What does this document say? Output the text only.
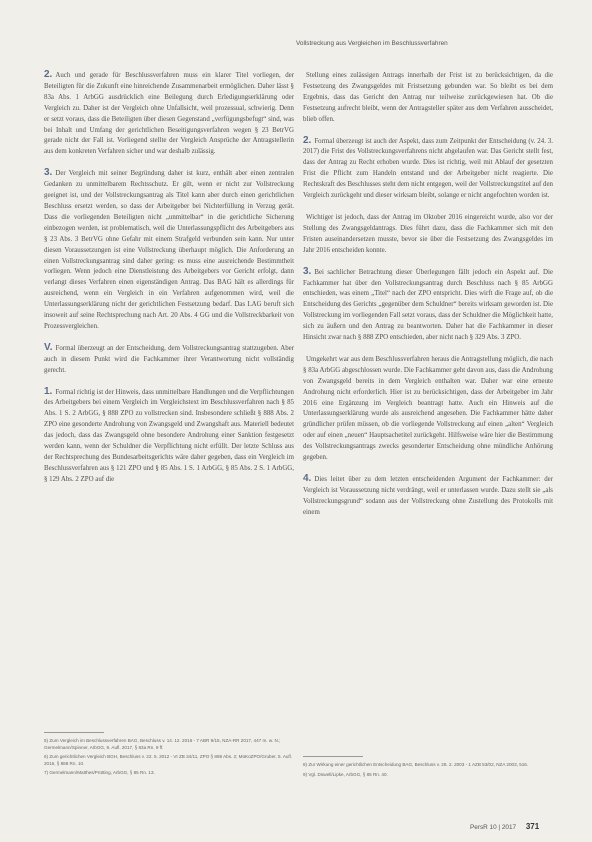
Vollstreckung aus Vergleichen im Beschlussverfahren

2. Auch und gerade für Beschlussverfahren muss ein klarer Titel vorliegen, der Beteiligten für die Zukunft eine hinreichende Zusammenarbeit ermöglichen. Daher lässt § 83a Abs. 1 ArbGG ausdrücklich eine Beilegung durch Erledigungserklärung oder Vergleich zu. Daher ist der Vergleich ohne Unfallsicht, weil prozessual, schwierig. Denn er setzt voraus, dass die Beteiligten über diesen Gegenstand „verfügungsbefugt“ sind, was bei Inhalt und Umfang der gerichtlichen Beseitigungsverfahren wegen § 23 BetrVG gerade nicht der Fall ist. Vorliegend stellte der Vergleich Ansprüche der Antragstellerin aus dem konkreten Verfahren sicher und war deshalb zulässig.

3. Der Vergleich mit seiner Begründung daher ist kurz, enthält aber einen zentralen Gedanken zu unmittelbarem Rechtsschutz. Er gilt, wenn er nicht zur Vollstreckung geeignet ist, und der Vollstreckungsantrag als Titel kann aber durch einen gerichtlichen Beschluss ersetzt werden, so dass der Arbeitgeber bei Nichterfüllung in Verzug gerät. Dass die vorliegenden Beteiligten nicht „unmittelbar“ in die gerichtliche Sicherung einbezogen werden, ist problematisch, weil die Unterlassungspflicht des Arbeitgebers aus § 23 Abs. 3 BetrVG ohne Gefahr mit einem Strafgeld verbunden sein kann. Nur unter diesen Voraussetzungen ist eine Vollstreckung überhaupt möglich. Die Anforderung an einen Vollstreckungsantrag sind daher gering: es muss eine ausreichende Bestimmtheit vorliegen. Wenn jedoch eine Dienstleistung des Arbeitgebers vor Gericht erfolgt, dann verlangt dieses Verfahren einen eigenständigen Antrag. Das BAG hält es allerdings für ausreichend, wenn ein Vergleich in ein Verfahren aufgenommen wird, weil die Unterlassungserklärung nicht der gerichtlichen Festsetzung bedarf. Das LAG beruft sich insoweit auf seine Rechtsprechung nach Art. 20 Abs. 4 GG und die Vollstreckbarkeit von Prozessvergleichen.

V. Formal überzeugt an der Entscheidung, dem Vollstreckungsantrag stattzugeben. Aber auch in diesem Punkt wird die Fachkammer ihrer Verantwortung nicht vollständig gerecht.

1. Formal richtig ist der Hinweis, dass unmittelbare Handlungen und die Verpflichtungen des Arbeitgebers bei einem Vergleich im Vergleichstext im Beschlussverfahren nach § 85 Abs. 1 S. 2 ArbGG, § 888 ZPO zu vollstrecken sind. Insbesondere schließt § 888 Abs. 2 ZPO eine gesonderte Androhung von Zwangsgeld und Zwangshaft aus. Materiell bedeutet das jedoch, dass das Zwangsgeld ohne besondere Androhung einer Sanktion festgesetzt werden kann, wenn der Schuldner die Verpflichtung nicht erfüllt. Der letzte Schluss aus der Rechtsprechung des Bundesarbeitsgerichts wäre daher gegeben, dass ein Vergleich im Beschlussverfahren aus § 121 ZPO und § 85 Abs. 1 S. 1 ArbGG, § 85 Abs. 2 S. 1 ArbGG, § 129 Abs. 2 ZPO auf die

Stellung eines zulässigen Antrags innerhalb der Frist ist zu berücksichtigen, da die Festsetzung des Zwangsgeldes mit Fristsetzung gebunden war. So bleibt es bei dem Ergebnis, dass das Gericht den Antrag nur teilweise zurückgewiesen hat. Ob die Festsetzung aufrecht bleibt, wenn der Antragsteller später aus dem Verfahren ausscheidet, blieb offen.

2. Formal überzeugt ist auch der Aspekt, dass zum Zeitpunkt der Entscheidung (v. 24. 3. 2017) die Frist des Vollstreckungsverfahrens nicht abgelaufen war. Das Gericht stellt fest, dass der Antrag zu Recht erhoben wurde. Dies ist richtig, weil mit Ablauf der gesetzten Frist die Pflicht zum Handeln entstand und der Arbeitgeber nicht reagierte. Die Rechtskraft des Beschlusses steht dem nicht entgegen, weil der Vollstreckungstitel auf den Vergleich zurückgeht und dieser wirksam bleibt, solange er nicht angefochten worden ist.

Wichtiger ist jedoch, dass der Antrag im Oktober 2016 eingereicht wurde, also vor der Stellung des Zwangsgeldantrags. Dies führt dazu, dass die Fachkammer sich mit den Fristen auseinandersetzen musste, bevor sie über die Festsetzung des Zwangsgeldes im Jahr 2016 entscheiden konnte.

3. Bei sachlicher Betrachtung dieser Überlegungen fällt jedoch ein Aspekt auf. Die Fachkammer hat über den Vollstreckungsantrag durch Beschluss nach § 85 ArbGG entschieden, was einem „Titel“ nach der ZPO entspricht. Dies wirft die Frage auf, ob die Entscheidung des Gerichts „gegenüber dem Schuldner“ bereits wirksam geworden ist. Die Vollstreckung im vorliegenden Fall setzt voraus, dass der Schuldner die Möglichkeit hatte, sich zu äußern und den Antrag zu beantworten. Daher hat die Fachkammer in dieser Hinsicht zwar nach § 888 ZPO entschieden, aber nicht nach § 329 Abs. 3 ZPO.

Umgekehrt war aus dem Beschlussverfahren heraus die Antragstellung möglich, die nach § 83a ArbGG abgeschlossen wurde. Die Fachkammer geht davon aus, dass die Androhung von Zwangsgeld bereits in dem Vergleich enthalten war. Daher war eine erneute Androhung nicht erforderlich. Hier ist zu berücksichtigen, dass der Arbeitgeber im Jahr 2016 eine Ergänzung im Vergleich beantragt hatte. Auch ein Hinweis auf die Unterlassungserklärung wurde als ausreichend angesehen. Die Fachkammer hätte daher gründlicher prüfen müssen, ob die vorliegende Vollstreckung auf einen „alten“ Vergleich oder auf einen „neuen“ Hauptsachetitel zurückgeht. Hilfsweise wäre hier die Bestimmung des Vollstreckungsantrags zwecks gesonderter Entscheidung ohne mündliche Anhörung gegeben.

4. Dies leitet über zu dem letzten entscheidenden Argument der Fachkammer: der Vergleich ist Voraussetzung nicht verdrängt, weil er unterlassen wurde. Dazu stellt sie „als Vollstreckungsgrund“ sodann aus der Vollstreckung ohne Zustellung des Protokolls mit einem

5) Zum Vergleich im Beschlussverfahren BAG, Beschluss v. 14. 12. 2016 - 7 ABR 9/15, NZA-RR 2017, 447 m. w. N.; Germelmann/Spinner, ArbGG, 9. Aufl. 2017, § 83a Rn. 9 ff.

6) Zum gerichtlichen Vergleich BGH, Beschluss v. 22. 5. 2012 - VI ZB 34/11, ZPO § 888 Abs. 2; MüKoZPO/Gruber, 5. Aufl. 2016, § 888 Rn. 10.

7) Germelmann/Matthes/Prütting, ArbGG, § 85 Rn. 13.

8) Zur Wirkung einer gerichtlichen Entscheidung BAG, Beschluss v. 28. 2. 2003 - 1 AZB 53/02, NZA 2003, 516.

9) Vgl. Düwell/Lipke, ArbGG, § 85 Rn. 40.

PersR 10 | 2017 371
